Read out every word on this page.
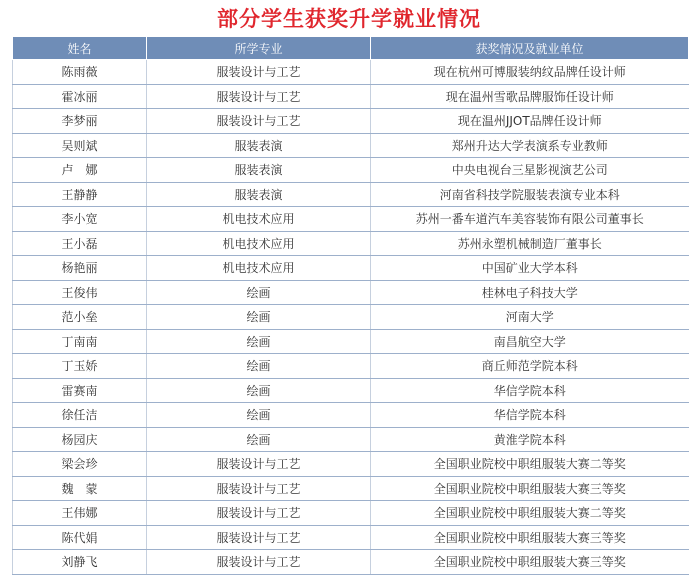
部分学生获奖升学就业情况
姓名	所学专业	获奖情况及就业单位
陈雨薇	服装设计与工艺	现在杭州可博服装纳纹品牌任设计师
霍冰丽	服装设计与工艺	现在温州雪歌品牌服饰任设计师
李梦丽	服装设计与工艺	现在温州JJOT品牌任设计师
吴则斌	服装表演	郑州升达大学表演系专业教师
卢　娜	服装表演	中央电视台三星影视演艺公司
王静静	服装表演	河南省科技学院服装表演专业本科
李小宽	机电技术应用	苏州一番车道汽车美容装饰有限公司董事长
王小磊	机电技术应用	苏州永塑机械制造厂董事长
杨艳丽	机电技术应用	中国矿业大学本科
王俊伟	绘画	桂林电子科技大学
范小垒	绘画	河南大学
丁南南	绘画	南昌航空大学
丁玉娇	绘画	商丘师范学院本科
雷赛南	绘画	华信学院本科
徐任洁	绘画	华信学院本科
杨园庆	绘画	黄淮学院本科
梁会珍	服装设计与工艺	全国职业院校中职组服装大赛二等奖
魏　蒙	服装设计与工艺	全国职业院校中职组服装大赛三等奖
王伟娜	服装设计与工艺	全国职业院校中职组服装大赛二等奖
陈代娟	服装设计与工艺	全国职业院校中职组服装大赛三等奖
刘静飞	服装设计与工艺	全国职业院校中职组服装大赛三等奖
